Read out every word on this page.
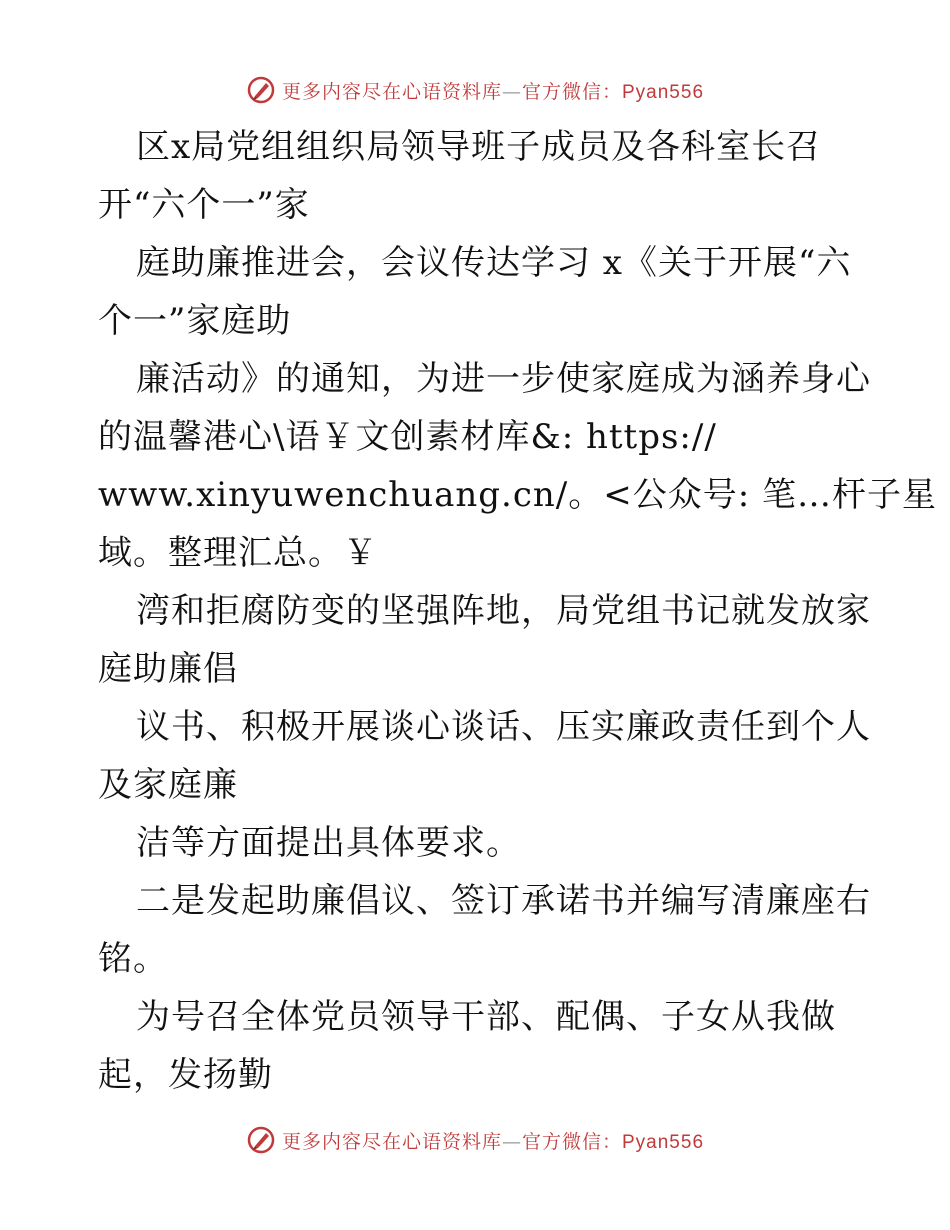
更多内容尽在心语资料库—官方微信：Pyan556
区x局党组组织局领导班子成员及各科室长召
开“六个一”家
庭助廉推进会，会议传达学习 x《关于开展“六
个一”家庭助
廉活动》的通知，为进一步使家庭成为涵养身心
的温馨港心\语￥文创素材库&: https://
www.xinyuwenchuang.cn/。<公众号: 笔…杆子星
域。整理汇总。￥
湾和拒腐防变的坚强阵地，局党组书记就发放家
庭助廉倡
议书、积极开展谈心谈话、压实廉政责任到个人
及家庭廉
洁等方面提出具体要求。
二是发起助廉倡议、签订承诺书并编写清廉座右
铭。
为号召全体党员领导干部、配偶、子女从我做
起，发扬勤
更多内容尽在心语资料库—官方微信：Pyan556
